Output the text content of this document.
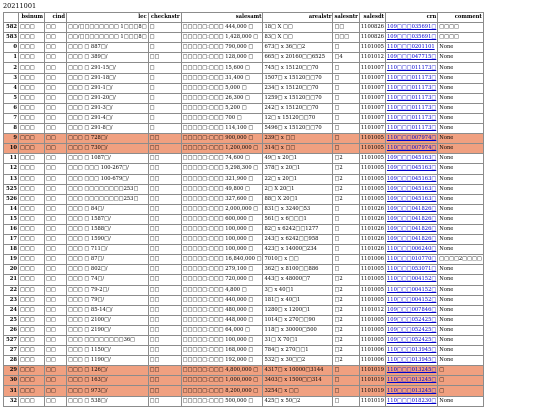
20211001
	bsinum	cind	lec	checknstr	salesamt	arealstr	salesntr	salesdt	crn	comment
582	□□□	□□	□□/□□□□□□□□ 1□□□8□	□	□□□□□:□□□ 444,000 □	18□ X □□	□□	1100826	109□□□035691□	□□□□
583	□□□	□□	□□/□□□□□□□□ 1□□□8□	□	□□□□□:□□□ 1,428,000 □	83□ X □□	□□□	1100826	109□□□035691□	□□□□
0	□□□	□□	□□□ □ 887□/	□	□□□□□:□□□ 790,000 □	673□ x 36□□2	□	1101005	110□□□0201101	None
1	□□□	□□	□□□ □ 389□/	□□	□□□□□:□□□ 128,000 □	665□ x 20160□□6525	□4	1101012	109□□□047715□	None
2	□□□	□□	□□□ □ 291-15□/	□	□□□□□:□□□ 15,600 □	745□ x 15120□□70	□	1101007	110□□□011173□	None
3	□□□	□□	□□□ □ 291-18□/	□	□□□□□:□□□ 31,400 □	1507□ x 15120□□70	□	1101007	110□□□011173□	None
4	□□□	□□	□□□ □ 291-1□/	□	□□□□□:□□□ 5,000 □	234□ x 15120□□70	□	1101007	110□□□011173□	None
5	□□□	□□	□□□ □ 291-20□/	□	□□□□□:□□□ 26,300 □	1259□ x 15120□□70	□	1101007	110□□□011173□	None
6	□□□	□□	□□□ □ 291-3□/	□	□□□□□:□□□ 5,200 □	242□ x 15120□□70	□	1101007	110□□□011173□	None
7	□□□	□□	□□□ □ 291-4□/	□	□□□□□:□□□ 700 □	12□ x 15120□□70	□	1101007	110□□□011173□	None
8	□□□	□□	□□□ □ 291-8□/	□	□□□□□:□□□ 114,100 □	5496□ x 15120□□70	□	1101007	110□□□011173□	None
9	□□□	□□	□□□ □ 728□/	□□	□□□□□:□□□ 900,000 □	239□ x □□	□	1101005	110□□□007974□	None
10	□□□	□□	□□□ □ 730□/	□□	□□□□□:□□□ 1,200,000 □	314□ x □□	□	1101005	110□□□007974□	None
11	□□□	□□	□□□ □ 1087□/	□□	□□□□□:□□□ 74,600 □	49□ x 20□1	□2	1101005	109□□□045163□	None
12	□□□	□□	□□□ □□□ 100-267□/	□□	□□□□□:□□□ 5,298,300 □	378□ x 20□1	□2	1101005	109□□□045163□	None
13	□□□	□□	□□□ □□□ 100-679□/	□□	□□□□□:□□□ 321,900 □	22□ x 20□1	□2	1101005	109□□□045163□	None
525	□□□	□□	□□□ □□□□□□□□253□	□□	□□□□□:□□□ 49,800 □	2□ X 20□1	□2	1101005	109□□□045163□	None
526	□□□	□□	□□□ □□□□□□□□253□	□□	□□□□□:□□□ 327,600 □	88□ X 20□1	□2	1101005	109□□□045163□	None
14	□□□	□□	□□□ □ 84□/	□□	□□□□□:□□□ 2,000,000 □	831□ x 3240□53	□	1101026	109□□□041826□	None
15	□□□	□□	□□□ □ 1587□/	□□	□□□□□:□□□ 600,000 □	561□ x 6□□□1	□	1101026	109□□□041826□	None
16	□□□	□□	□□□ □ 1588□/	□□	□□□□□:□□□ 100,000 □	82□ x 6242□□1277	□	1101026	109□□□041826□	None
17	□□□	□□	□□□ □ 1590□/	□□	□□□□□:□□□ 100,000 □	243□ x 6242□□958	□	1101026	109□□□041826□	None
18	□□□	□□	□□□ □ 711□/	□□	□□□□□:□□□ 100,000 □	423□ x 14000□234	□	1101026	110□□□006240□	None
19	□□□	□□	□□□ □ 87□/	□□	□□□□□:□□□ 16,840,000 □	7010□ x □□	□	1101006	110□□□010770□	□□□□2□□□□
20	□□□	□□	□□□ □ 802□/	□□	□□□□□:□□□ 279,100 □	362□ x 8100□□886	□	1101005	110□□□053071□	None
21	□□□	□□	□□□ □ 74□/	□□	□□□□□:□□□ 720,000 □	443□ x 48000□7	□2	1101005	110□□□004152□	None
22	□□□	□□	□□□ □ 79-2□/	□□	□□□□□:□□□ 4,800 □	3□ x 40□1	□2	1101005	110□□□004152□	None
23	□□□	□□	□□□ □ 79□/	□□	□□□□□:□□□ 440,000 □	181□ x 40□1	□2	1101005	110□□□004152□	None
24	□□□	□□	□□□ □ 85-14□/	□□	□□□□□:□□□ 480,000 □	1280□ x 1200□1	□2	1101012	109□□□007846□	None
25	□□□	□□	□□□ □ 2100□/	□□	□□□□□:□□□ 448,000 □	1014□ x 270□□90	□2	1101005	109□□□052425□	None
26	□□□	□□	□□□ □ 2190□/	□□	□□□□□:□□□ 64,000 □	118□ x 30000□500	□2	1101005	109□□□052425□	None
527	□□□	□□	□□□ □□□□□□□□36□	□□	□□□□□:□□□ 100,000 □	31□ X 70□1	□2	1101005	109□□□052425□	None
27	□□□	□□	□□□ □ 1150□/	□□	□□□□□:□□□ 168,000 □	784□ x 270□□1	□2	1101006	110□□□013945□	None
28	□□□	□□	□□□ □ 1190□/	□□	□□□□□:□□□ 192,000 □	532□ x 30□□2	□2	1101006	110□□□013945□	None
29	□□□	□□	□□□ □ 126□/	□□	□□□□□:□□□ 4,800,000 □	4317□ x 10000□3144	□	1101019	110□□□013245□	□
30	□□□	□□	□□□ □ 163□/	□□	□□□□□:□□□ 1,000,000 □	3403□ x 1500□□314	□	1101019	110□□□013245□	□
31	□□□	□□	□□□ □ 973□/	□□	□□□□□:□□□ 8,200,000 □	3254□ x □□	□	1101019	110□□□013245□	□
32	□□□	□□	□□□ □ 538□/	□□	□□□□□:□□□ 500,000 □	425□ x 50□2	□	1101019	110□□□018230□	None
